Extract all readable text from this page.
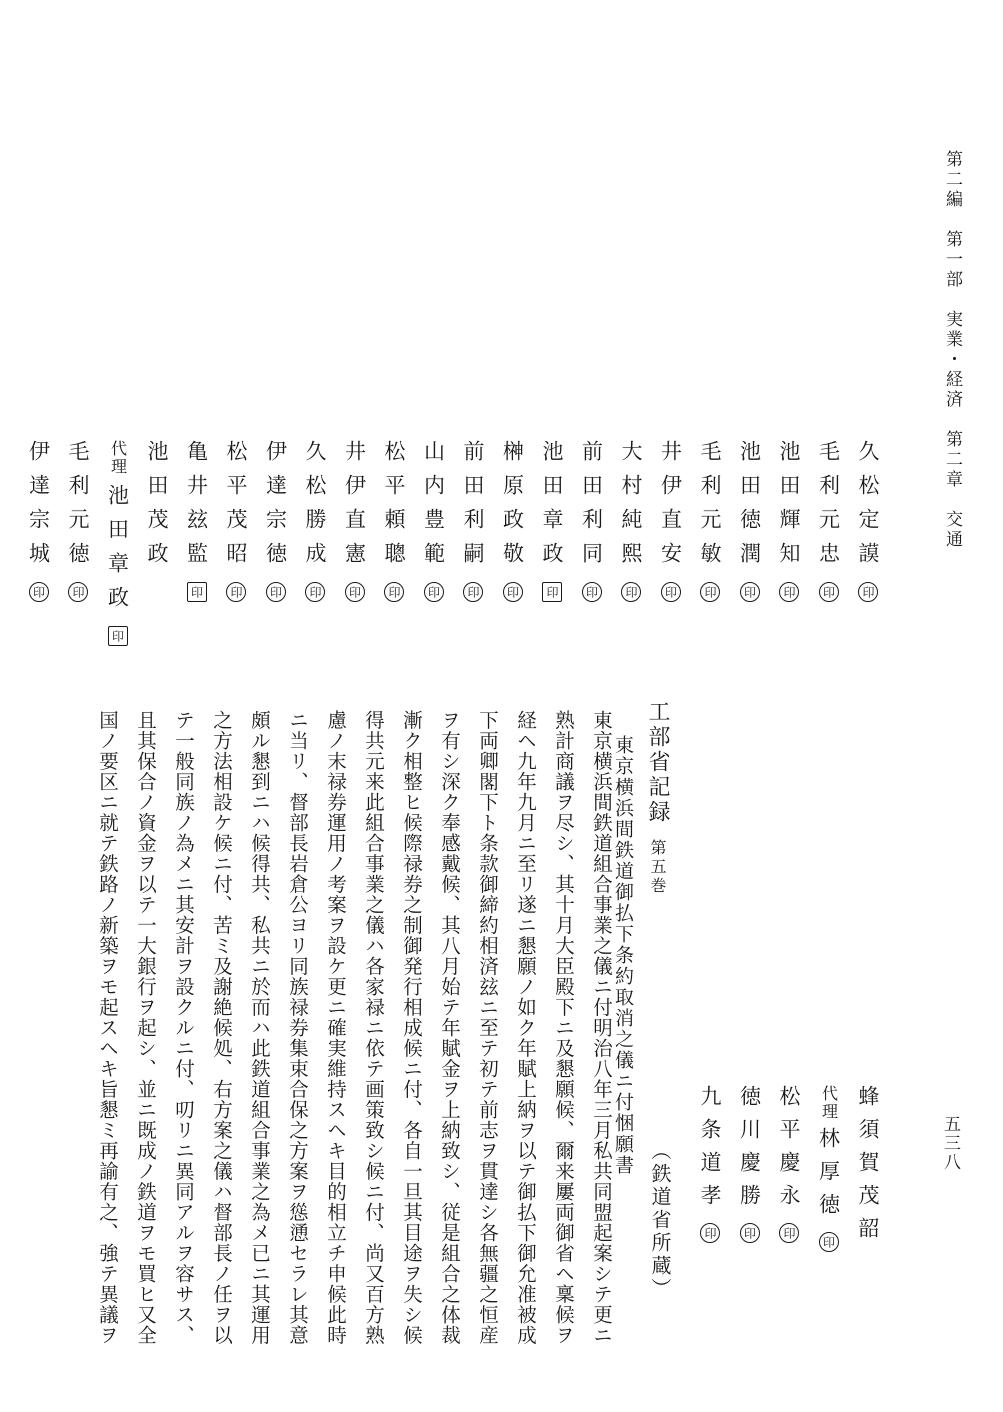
第二編　第一部　実業・経済　第二章　交通
五三八
久松定謨印
毛利元忠印
池田輝知印
池田徳潤印
毛利元敏印
井伊直安印
大村純熙印
前田利同印
池田章政印
榊原政敬印
前田利嗣印
山内豊範印
松平頼聰印
井伊直憲印
久松勝成印
伊達宗徳印
松平茂昭印
亀井玆監印
池田茂政
代理池田章政印
毛利元徳印
伊達宗城印
蜂須賀茂韶
代理林厚徳印
松平慶永印
徳川慶勝印
九条道孝印
（鉄道省所蔵）
工部省記録第五巻
東京横浜間鉄道御払下条約取消之儀ニ付悃願書
東京横浜間鉄道組合事業之儀ニ付明治八年三月私共同盟起案シテ更ニ
熟計商議ヲ尽シ、其十月大臣殿下ニ及懇願候、爾来屢両御省ヘ稟候ヲ
経ヘ九年九月ニ至リ遂ニ懇願ノ如ク年賦上納ヲ以テ御払下御允准被成
下両卿閣下ト条款御締約相済玆ニ至テ初テ前志ヲ貫達シ各無疆之恒産
ヲ有シ深ク奉感戴候、其八月始テ年賦金ヲ上納致シ、従是組合之体裁
漸ク相整ヒ候際禄券之制御発行相成候ニ付、各自一旦其目途ヲ失シ候
得共元来此組合事業之儀ハ各家禄ニ依テ画策致シ候ニ付、尚又百方熟
慮ノ末禄券運用ノ考案ヲ設ケ更ニ確実維持スヘキ目的相立チ申候此時
ニ当リ、督部長岩倉公ヨリ同族禄券集束合保之方案ヲ慫慂セラレ其意
頗ル懇到ニハ候得共、私共ニ於而ハ此鉄道組合事業之為メ已ニ其運用
之方法相設ケ候ニ付、苦ミ及謝絶候処、右方案之儀ハ督部長ノ任ヲ以
テ一般同族ノ為メニ其安計ヲ設クルニ付、叨リニ異同アルヲ容サス、
且其保合ノ資金ヲ以テ一大銀行ヲ起シ、並ニ既成ノ鉄道ヲモ買ヒ又全
国ノ要区ニ就テ鉄路ノ新築ヲモ起スヘキ旨懇ミ再諭有之、強テ異議ヲ
